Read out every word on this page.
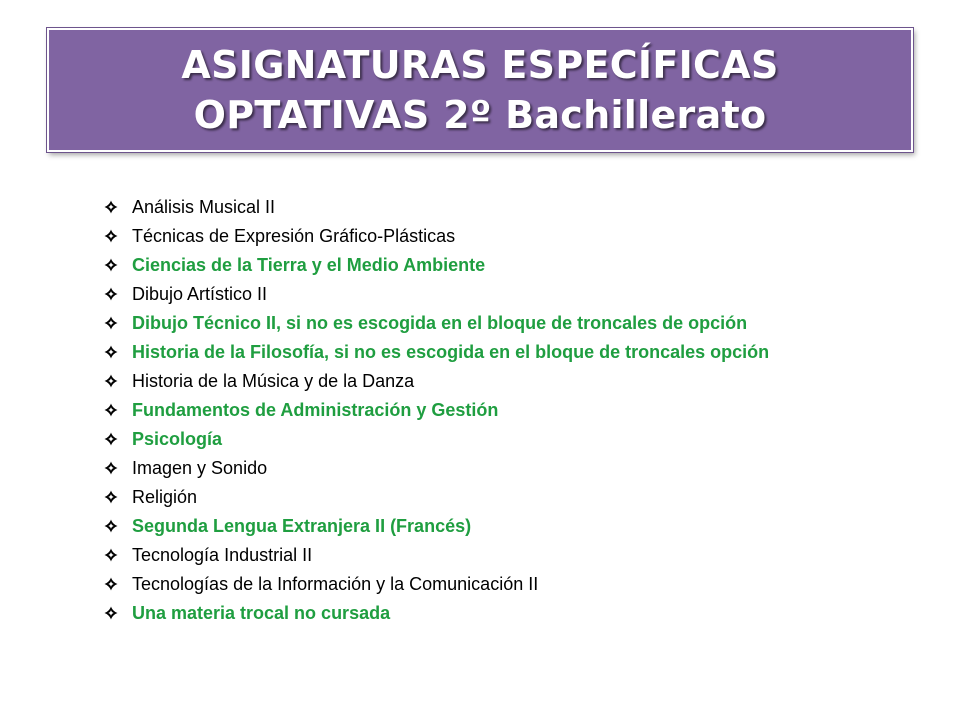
ASIGNATURAS ESPECÍFICAS
OPTATIVAS 2º Bachillerato
Análisis Musical II
Técnicas de Expresión Gráfico-Plásticas
Ciencias de la Tierra y el Medio Ambiente
Dibujo Artístico II
Dibujo Técnico II, si no es escogida en el bloque de troncales de opción
Historia de la Filosofía, si no es escogida en el bloque de troncales opción
Historia de la Música y de la Danza
Fundamentos de Administración y Gestión
Psicología
Imagen y Sonido
Religión
Segunda Lengua Extranjera II (Francés)
Tecnología Industrial II
Tecnologías de la Información y la Comunicación II
Una materia trocal no cursada
